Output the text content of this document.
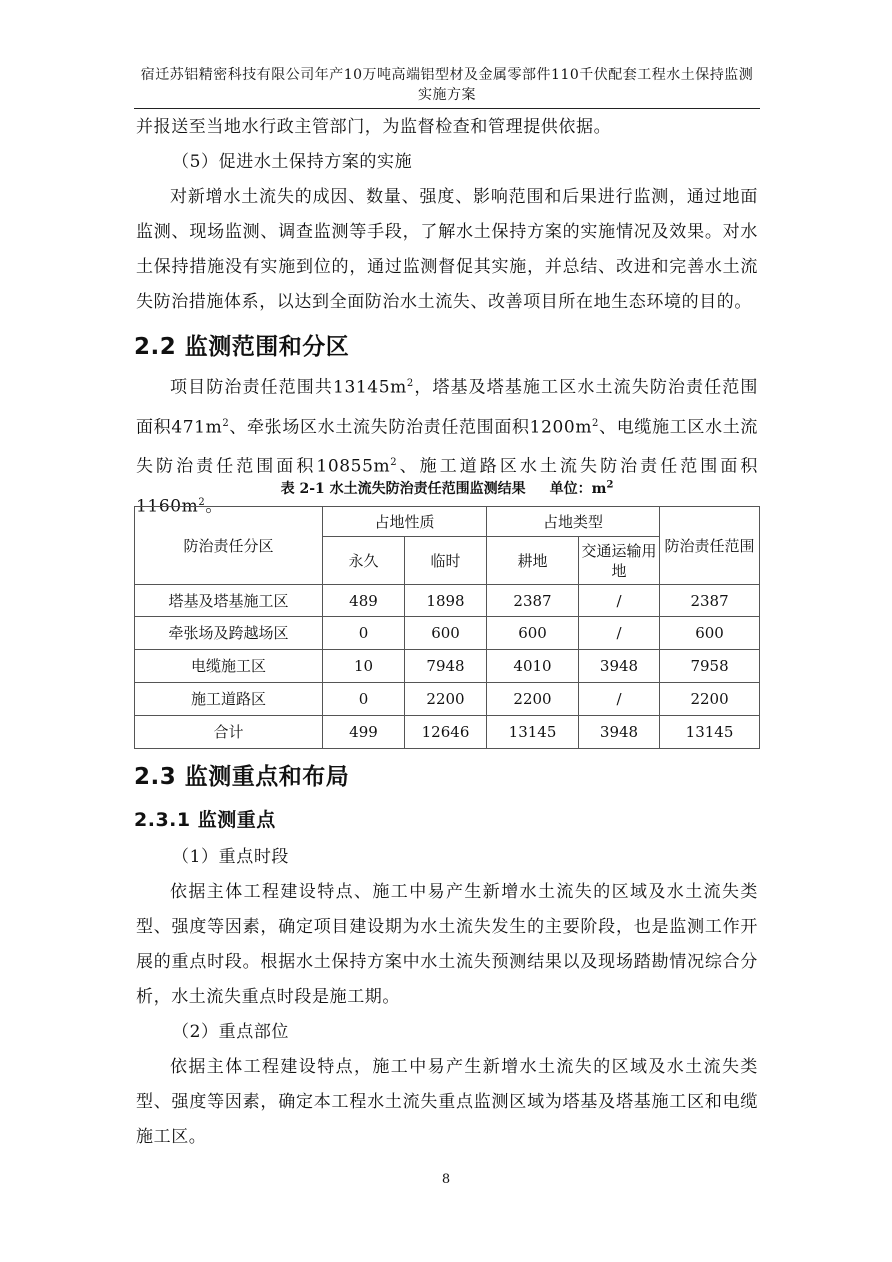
宿迁苏铝精密科技有限公司年产10万吨高端铝型材及金属零部件110千伏配套工程水土保持监测实施方案
并报送至当地水行政主管部门，为监督检查和管理提供依据。
（5）促进水土保持方案的实施
对新增水土流失的成因、数量、强度、影响范围和后果进行监测，通过地面监测、现场监测、调查监测等手段，了解水土保持方案的实施情况及效果。对水土保持措施没有实施到位的，通过监测督促其实施，并总结、改进和完善水土流失防治措施体系，以达到全面防治水土流失、改善项目所在地生态环境的目的。
2.2 监测范围和分区
项目防治责任范围共$13145m^2$，塔基及塔基施工区水土流失防治责任范围面积$471m^2$、牵张场区水土流失防治责任范围面积$1200m^2$、电缆施工区水土流失防治责任范围面积$10855m^2$、施工道路区水土流失防治责任范围面积$1160m^2$。
表 2-1 水土流失防治责任范围监测结果 单位：$m^2$
防治责任分区	占地性质		占地类型		防治责任范围
	永久	临时	耕地	交通运输用地	
塔基及塔基施工区	489	1898	2387	/	2387
牵张场及跨越场区	0	600	600	/	600
电缆施工区	10	7948	4010	3948	7958
施工道路区	0	2200	2200	/	2200
合计	499	12646	13145	3948	13145
2.3 监测重点和布局
2.3.1 监测重点
（1）重点时段
依据主体工程建设特点、施工中易产生新增水土流失的区域及水土流失类型、强度等因素，确定项目建设期为水土流失发生的主要阶段，也是监测工作开展的重点时段。根据水土保持方案中水土流失预测结果以及现场踏勘情况综合分析，水土流失重点时段是施工期。
（2）重点部位
依据主体工程建设特点，施工中易产生新增水土流失的区域及水土流失类型、强度等因素，确定本工程水土流失重点监测区域为塔基及塔基施工区和电缆施工区。
8
